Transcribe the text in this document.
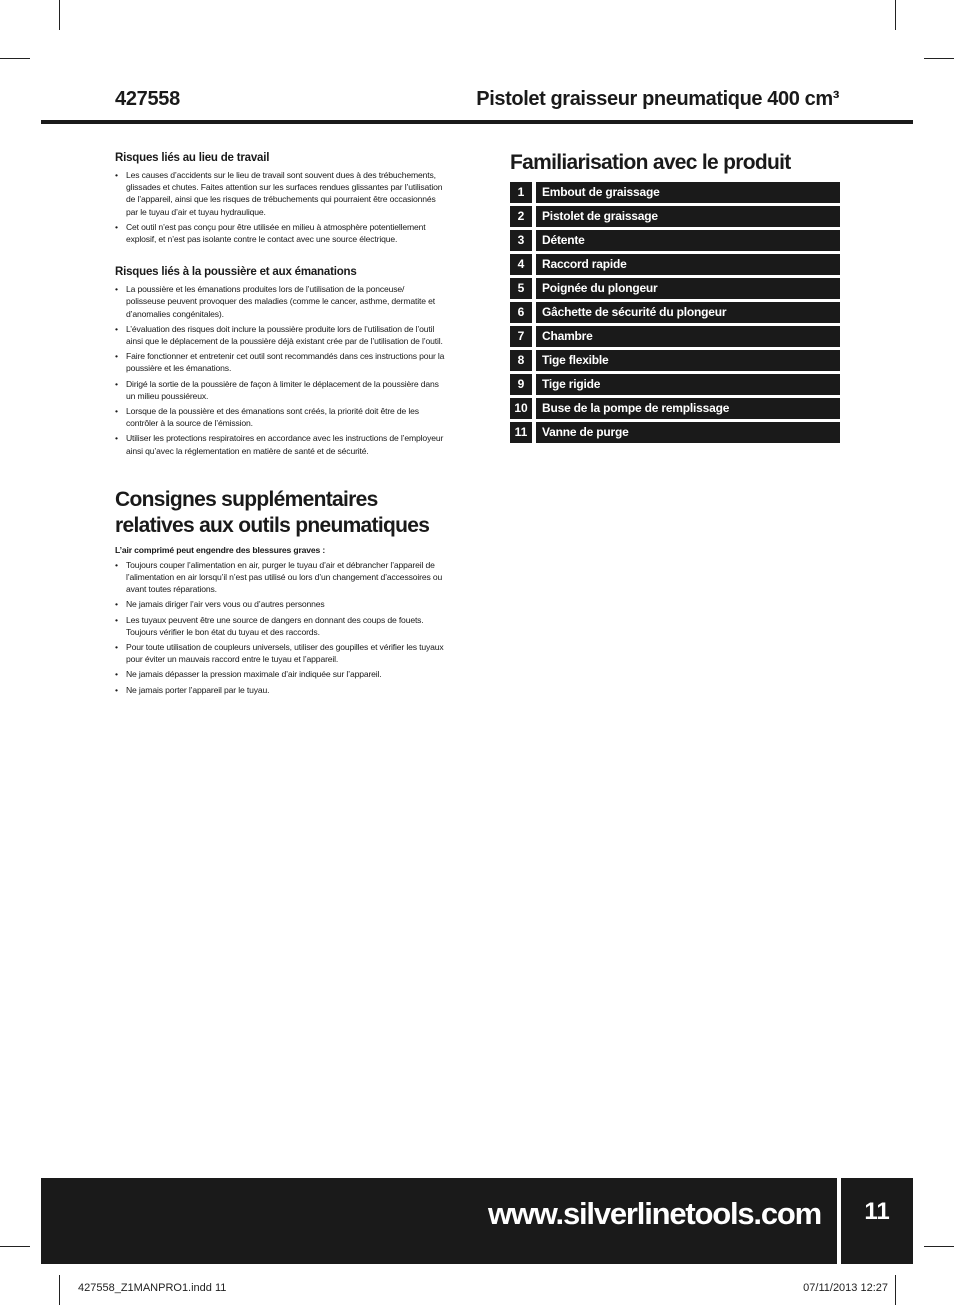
427558	Pistolet graisseur pneumatique 400 cm³
Risques liés au lieu de travail
• Les causes d’accidents sur le lieu de travail sont souvent dues à des trébuchements, glissades et chutes. Faites attention sur les surfaces rendues glissantes par l’utilisation de l’appareil, ainsi que les risques de trébuchements qui pourraient être occasionnés par le tuyau d’air et tuyau hydraulique.
• Cet outil n’est pas conçu pour être utilisée en milieu à atmosphère potentiellement explosif, et n’est pas isolante contre le contact avec une source électrique.
Risques liés à la poussière et aux émanations
• La poussière et les émanations produites lors de l’utilisation de la ponceuse/ polisseuse peuvent provoquer des maladies (comme le cancer, asthme, dermatite et d’anomalies congénitales).
• L’évaluation des risques doit inclure la poussière produite lors de l’utilisation de l’outil ainsi que le déplacement de la poussière déjà existant crée par de l’utilisation de l’outil.
• Faire fonctionner et entretenir cet outil sont recommandés dans ces instructions pour la poussière et les émanations.
• Dirigé la sortie de la poussière de façon à limiter le déplacement de la poussière dans un milieu poussiéreux.
• Lorsque de la poussière et des émanations sont créés, la priorité doit être de les contrôler à la source de l’émission.
• Utiliser les protections respiratoires en accordance avec les instructions de l’employeur ainsi qu’avec la réglementation en matière de santé et de sécurité.
Consignes supplémentaires
relatives aux outils pneumatiques
L’air comprimé peut engendre des blessures graves :
• Toujours couper l’alimentation en air, purger le tuyau d’air et débrancher l’appareil de l’alimentation en air lorsqu’il n’est pas utilisé ou lors d’un changement d’accessoires ou avant toutes réparations.
• Ne jamais diriger l’air vers vous ou d’autres personnes
• Les tuyaux peuvent être une source de dangers en donnant des coups de fouets. Toujours vérifier le bon état du tuyau et des raccords.
• Pour toute utilisation de coupleurs universels, utiliser des goupilles et vérifier les tuyaux pour éviter un mauvais raccord entre le tuyau et l’appareil.
• Ne jamais dépasser la pression maximale d’air indiquée sur l’appareil.
• Ne jamais porter l’appareil par le tuyau.
Familiarisation avec le produit
1	Embout de graissage
2	Pistolet de graissage
3	Détente
4	Raccord rapide
5	Poignée du plongeur
6	Gâchette de sécurité du plongeur
7	Chambre
8	Tige flexible
9	Tige rigide
10	Buse de la pompe de remplissage
11	Vanne de purge
www.silverlinetools.com	11
427558_Z1MANPRO1.indd 11	07/11/2013 12:27
